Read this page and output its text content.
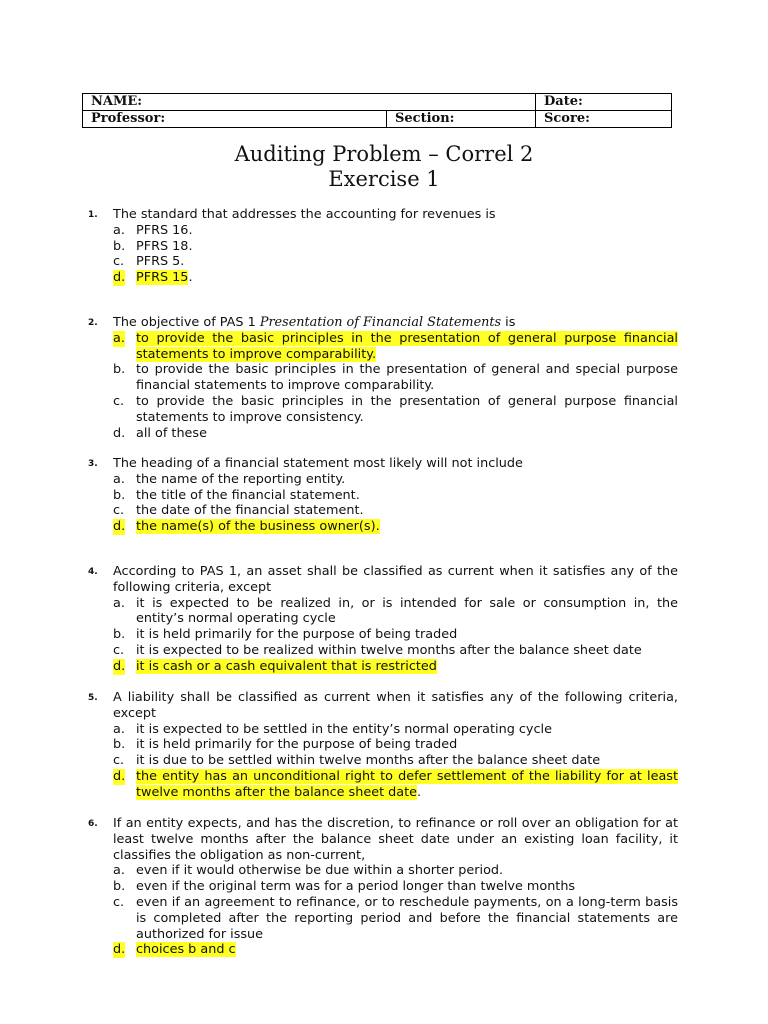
NAME:		Date:
Professor:	Section:	Score:
Auditing Problem – Correl 2
Exercise 1
1. The standard that addresses the accounting for revenues is
a. PFRS 16.
b. PFRS 18.
c. PFRS 5.
d. PFRS 15.
2. The objective of PAS 1 Presentation of Financial Statements is
a. to provide the basic principles in the presentation of general purpose financial statements to improve comparability.
b. to provide the basic principles in the presentation of general and special purpose financial statements to improve comparability.
c. to provide the basic principles in the presentation of general purpose financial statements to improve consistency.
d. all of these
3. The heading of a financial statement most likely will not include
a. the name of the reporting entity.
b. the title of the financial statement.
c. the date of the financial statement.
d. the name(s) of the business owner(s).
4. According to PAS 1, an asset shall be classified as current when it satisfies any of the following criteria, except
a. it is expected to be realized in, or is intended for sale or consumption in, the entity’s normal operating cycle
b. it is held primarily for the purpose of being traded
c. it is expected to be realized within twelve months after the balance sheet date
d. it is cash or a cash equivalent that is restricted
5. A liability shall be classified as current when it satisfies any of the following criteria, except
a. it is expected to be settled in the entity’s normal operating cycle
b. it is held primarily for the purpose of being traded
c. it is due to be settled within twelve months after the balance sheet date
d. the entity has an unconditional right to defer settlement of the liability for at least twelve months after the balance sheet date.
6. If an entity expects, and has the discretion, to refinance or roll over an obligation for at least twelve months after the balance sheet date under an existing loan facility, it classifies the obligation as non-current,
a. even if it would otherwise be due within a shorter period.
b. even if the original term was for a period longer than twelve months
c. even if an agreement to refinance, or to reschedule payments, on a long-term basis is completed after the reporting period and before the financial statements are authorized for issue
d. choices b and c
